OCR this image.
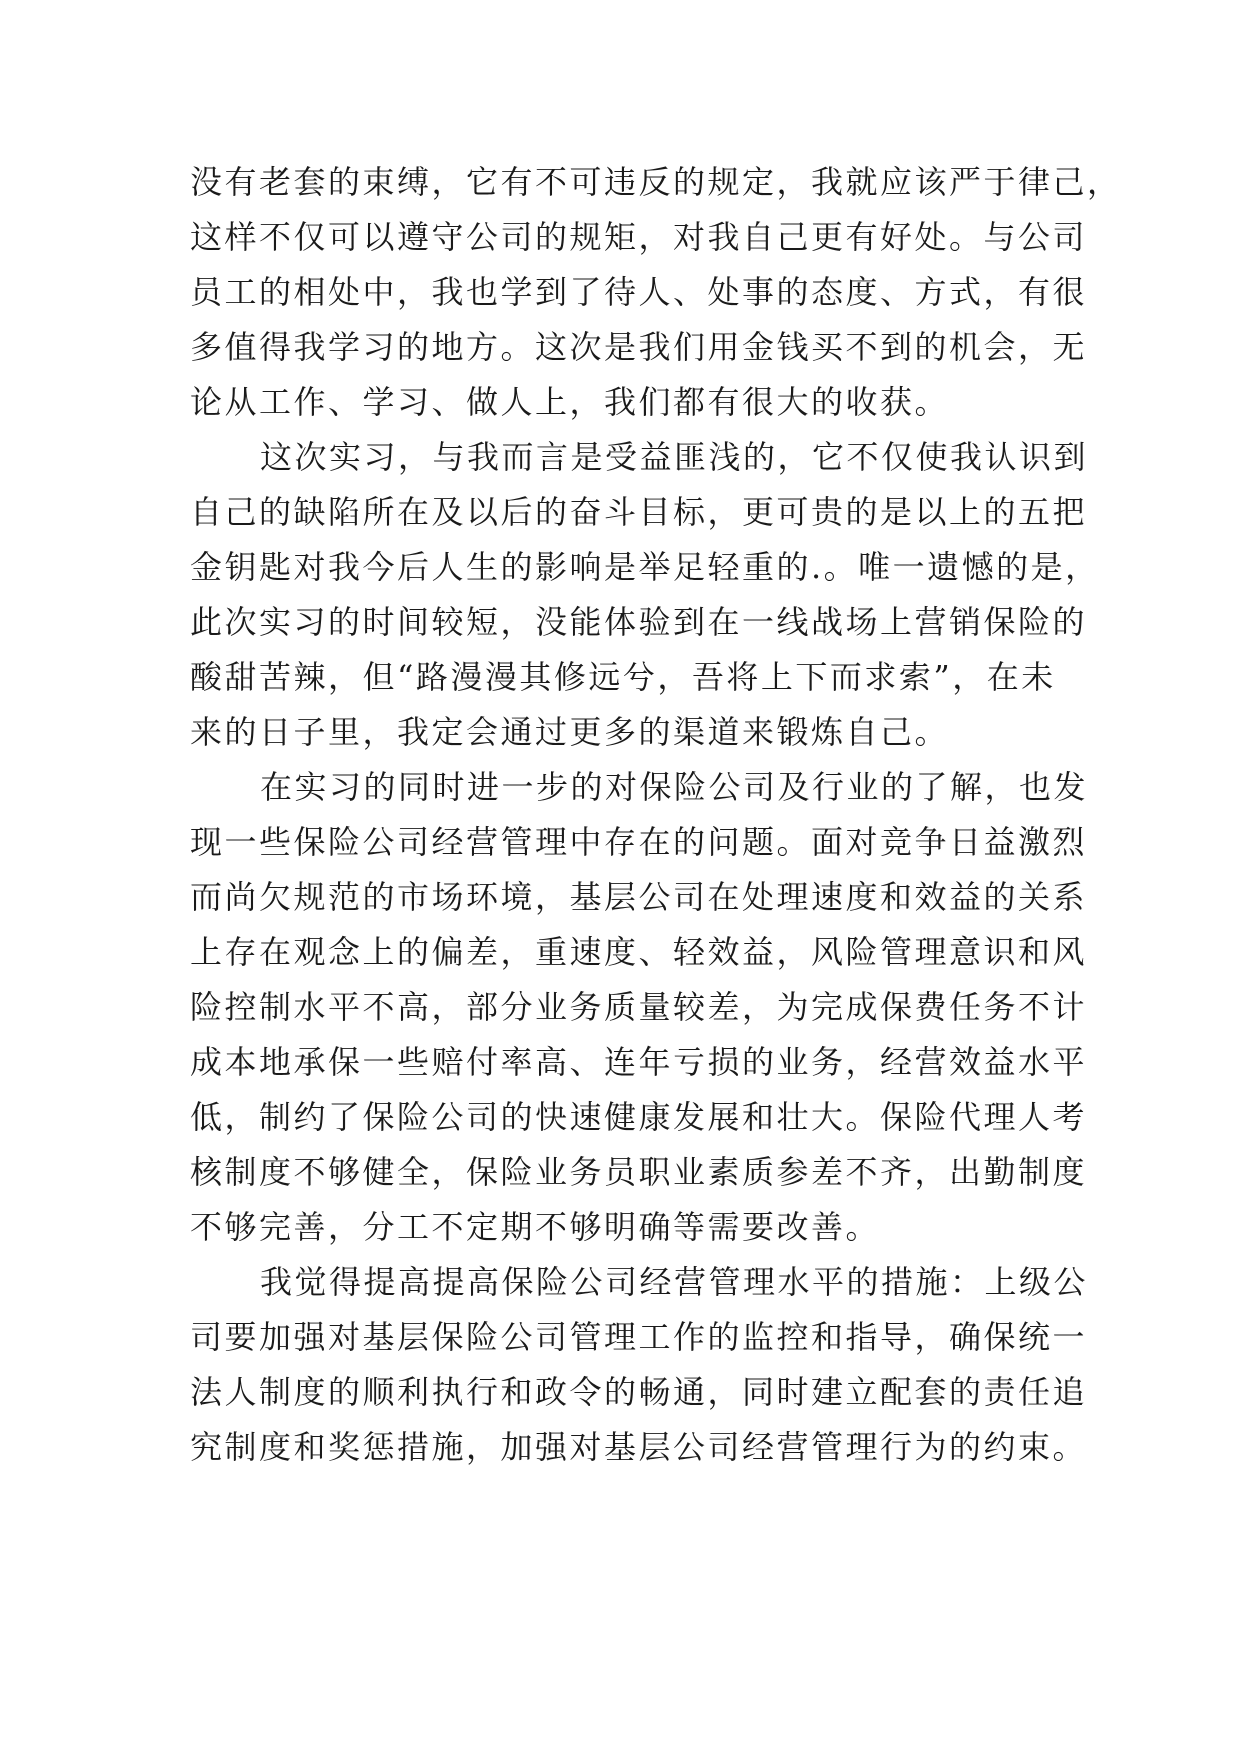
没有老套的束缚，它有不可违反的规定，我就应该严于律己，
这样不仅可以遵守公司的规矩，对我自己更有好处。与公司
员工的相处中，我也学到了待人、处事的态度、方式，有很
多值得我学习的地方。这次是我们用金钱买不到的机会，无
论从工作、学习、做人上，我们都有很大的收获。
这次实习，与我而言是受益匪浅的，它不仅使我认识到
自己的缺陷所在及以后的奋斗目标，更可贵的是以上的五把
金钥匙对我今后人生的影响是举足轻重的.。唯一遗憾的是，
此次实习的时间较短，没能体验到在一线战场上营销保险的
酸甜苦辣，但“路漫漫其修远兮，吾将上下而求索”，在未
来的日子里，我定会通过更多的渠道来锻炼自己。
在实习的同时进一步的对保险公司及行业的了解，也发
现一些保险公司经营管理中存在的问题。面对竞争日益激烈
而尚欠规范的市场环境，基层公司在处理速度和效益的关系
上存在观念上的偏差，重速度、轻效益，风险管理意识和风
险控制水平不高，部分业务质量较差，为完成保费任务不计
成本地承保一些赔付率高、连年亏损的业务，经营效益水平
低，制约了保险公司的快速健康发展和壮大。保险代理人考
核制度不够健全，保险业务员职业素质参差不齐，出勤制度
不够完善，分工不定期不够明确等需要改善。
我觉得提高提高保险公司经营管理水平的措施：上级公
司要加强对基层保险公司管理工作的监控和指导，确保统一
法人制度的顺利执行和政令的畅通，同时建立配套的责任追
究制度和奖惩措施，加强对基层公司经营管理行为的约束。
